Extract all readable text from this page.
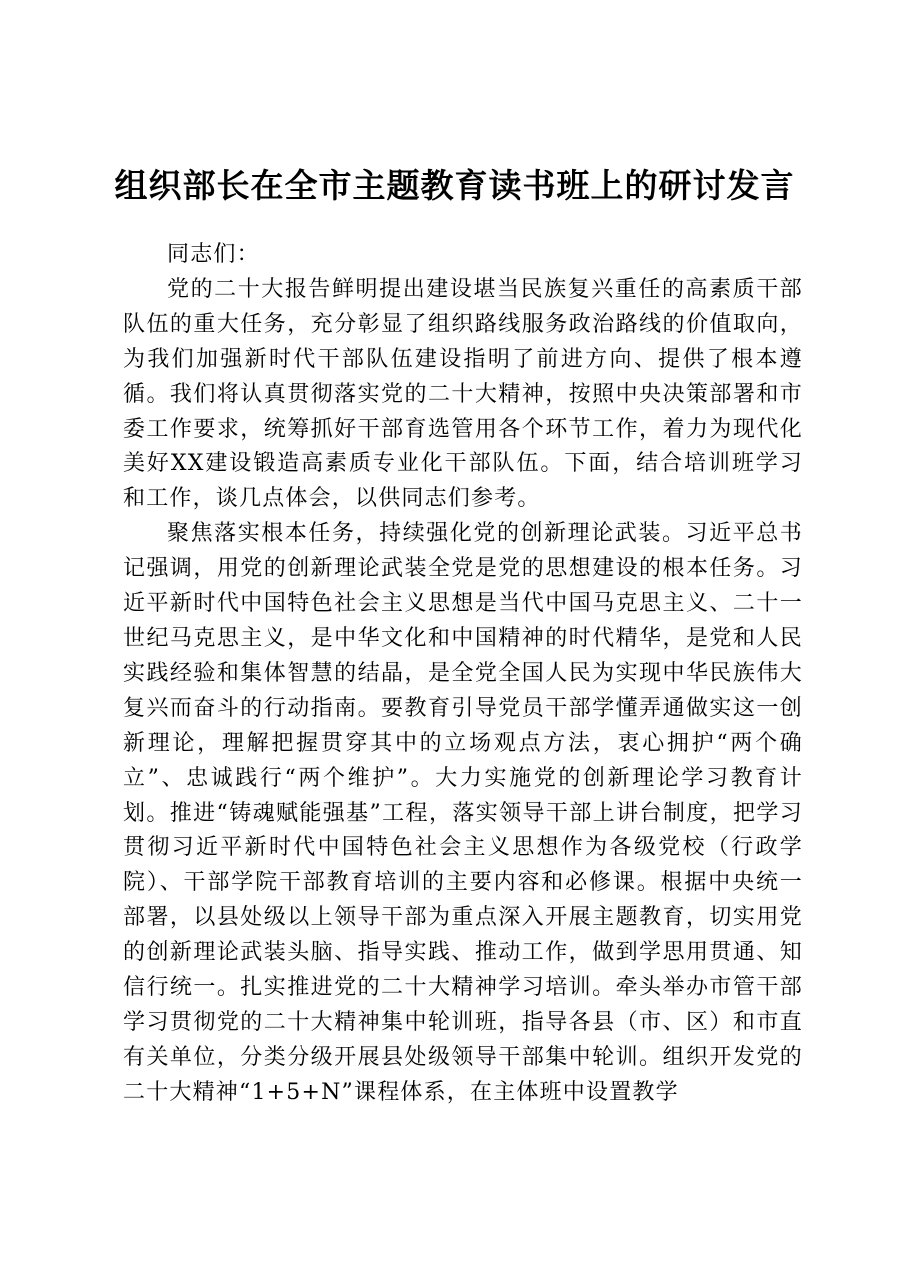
组织部长在全市主题教育读书班上的研讨发言

同志们：

党的二十大报告鲜明提出建设堪当民族复兴重任的高素质干部队伍的重大任务，充分彰显了组织路线服务政治路线的价值取向，为我们加强新时代干部队伍建设指明了前进方向、提供了根本遵循。我们将认真贯彻落实党的二十大精神，按照中央决策部署和市委工作要求，统筹抓好干部育选管用各个环节工作，着力为现代化美好XX建设锻造高素质专业化干部队伍。下面，结合培训班学习和工作，谈几点体会，以供同志们参考。

聚焦落实根本任务，持续强化党的创新理论武装。习近平总书记强调，用党的创新理论武装全党是党的思想建设的根本任务。习近平新时代中国特色社会主义思想是当代中国马克思主义、二十一世纪马克思主义，是中华文化和中国精神的时代精华，是党和人民实践经验和集体智慧的结晶，是全党全国人民为实现中华民族伟大复兴而奋斗的行动指南。要教育引导党员干部学懂弄通做实这一创新理论，理解把握贯穿其中的立场观点方法，衷心拥护“两个确立”、忠诚践行“两个维护”。大力实施党的创新理论学习教育计划。推进“铸魂赋能强基”工程，落实领导干部上讲台制度，把学习贯彻习近平新时代中国特色社会主义思想作为各级党校（行政学院）、干部学院干部教育培训的主要内容和必修课。根据中央统一部署，以县处级以上领导干部为重点深入开展主题教育，切实用党的创新理论武装头脑、指导实践、推动工作，做到学思用贯通、知信行统一。扎实推进党的二十大精神学习培训。牵头举办市管干部学习贯彻党的二十大精神集中轮训班，指导各县（市、区）和市直有关单位，分类分级开展县处级领导干部集中轮训。组织开发党的二十大精神“1+5+N”课程体系，在主体班中设置教学
